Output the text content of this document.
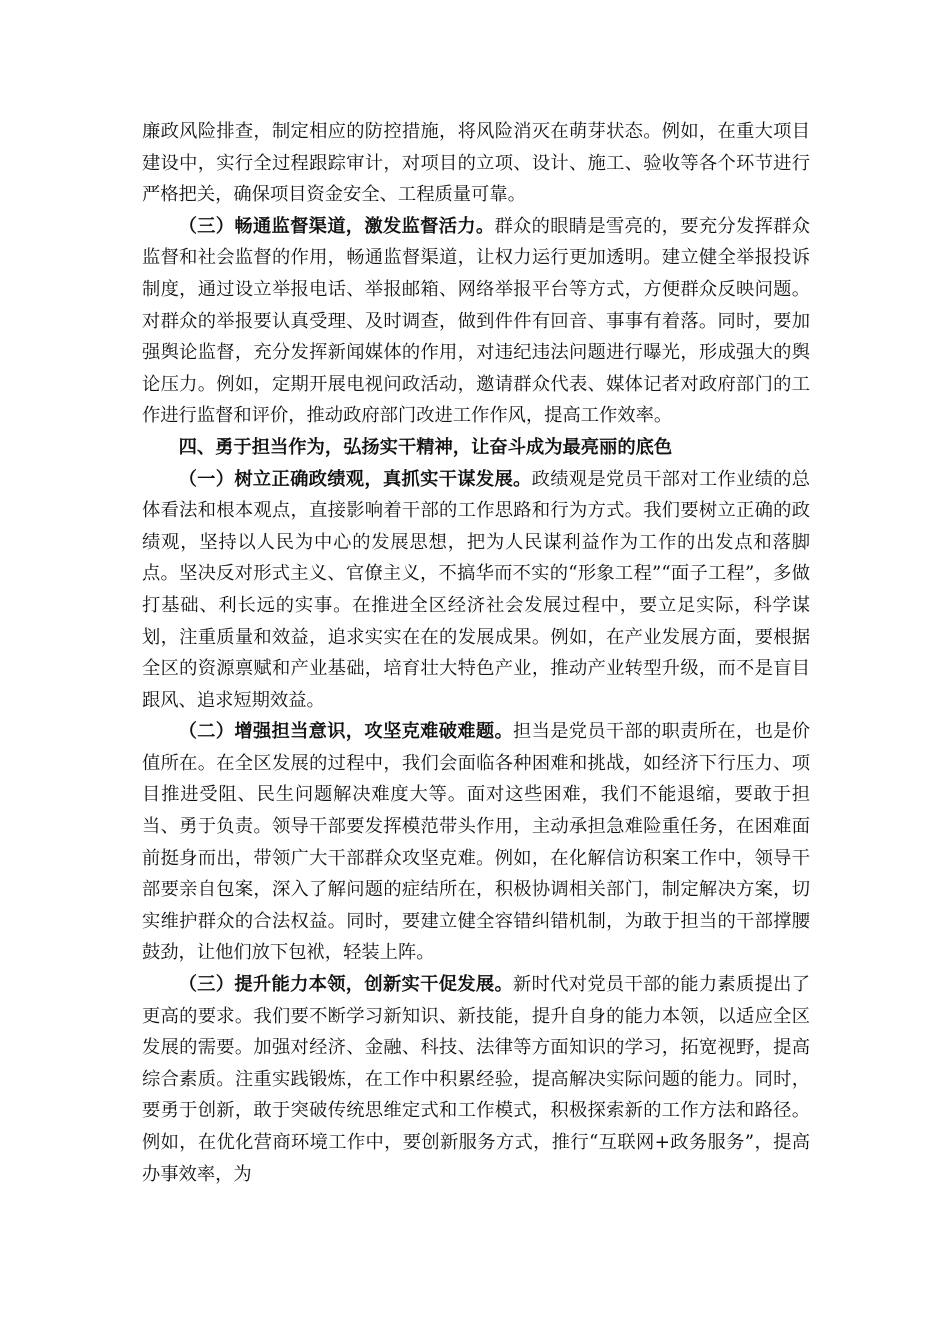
廉政风险排查，制定相应的防控措施，将风险消灭在萌芽状态。例如，在重大项目建设中，实行全过程跟踪审计，对项目的立项、设计、施工、验收等各个环节进行严格把关，确保项目资金安全、工程质量可靠。

（三）畅通监督渠道，激发监督活力。群众的眼睛是雪亮的，要充分发挥群众监督和社会监督的作用，畅通监督渠道，让权力运行更加透明。建立健全举报投诉制度，通过设立举报电话、举报邮箱、网络举报平台等方式，方便群众反映问题。对群众的举报要认真受理、及时调查，做到件件有回音、事事有着落。同时，要加强舆论监督，充分发挥新闻媒体的作用，对违纪违法问题进行曝光，形成强大的舆论压力。例如，定期开展电视问政活动，邀请群众代表、媒体记者对政府部门的工作进行监督和评价，推动政府部门改进工作作风，提高工作效率。

四、勇于担当作为，弘扬实干精神，让奋斗成为最亮丽的底色

（一）树立正确政绩观，真抓实干谋发展。政绩观是党员干部对工作业绩的总体看法和根本观点，直接影响着干部的工作思路和行为方式。我们要树立正确的政绩观，坚持以人民为中心的发展思想，把为人民谋利益作为工作的出发点和落脚点。坚决反对形式主义、官僚主义，不搞华而不实的“形象工程”“面子工程”，多做打基础、利长远的实事。在推进全区经济社会发展过程中，要立足实际，科学谋划，注重质量和效益，追求实实在在的发展成果。例如，在产业发展方面，要根据全区的资源禀赋和产业基础，培育壮大特色产业，推动产业转型升级，而不是盲目跟风、追求短期效益。

（二）增强担当意识，攻坚克难破难题。担当是党员干部的职责所在，也是价值所在。在全区发展的过程中，我们会面临各种困难和挑战，如经济下行压力、项目推进受阻、民生问题解决难度大等。面对这些困难，我们不能退缩，要敢于担当、勇于负责。领导干部要发挥模范带头作用，主动承担急难险重任务，在困难面前挺身而出，带领广大干部群众攻坚克难。例如，在化解信访积案工作中，领导干部要亲自包案，深入了解问题的症结所在，积极协调相关部门，制定解决方案，切实维护群众的合法权益。同时，要建立健全容错纠错机制，为敢于担当的干部撑腰鼓劲，让他们放下包袱，轻装上阵。

（三）提升能力本领，创新实干促发展。新时代对党员干部的能力素质提出了更高的要求。我们要不断学习新知识、新技能，提升自身的能力本领，以适应全区发展的需要。加强对经济、金融、科技、法律等方面知识的学习，拓宽视野，提高综合素质。注重实践锻炼，在工作中积累经验，提高解决实际问题的能力。同时，要勇于创新，敢于突破传统思维定式和工作模式，积极探索新的工作方法和路径。例如，在优化营商环境工作中，要创新服务方式，推行“互联网+政务服务”，提高办事效率，为
